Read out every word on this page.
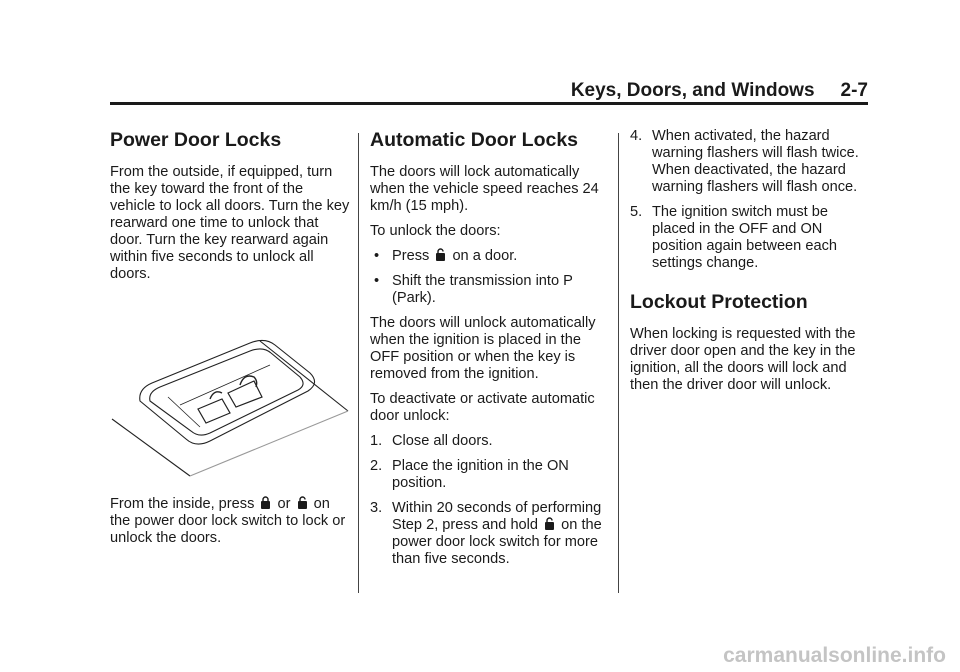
Keys, Doors, and Windows 2-7
Power Door Locks

From the outside, if equipped, turn the key toward the front of the vehicle to lock all doors. Turn the key rearward one time to unlock that door. Turn the key rearward again within five seconds to unlock all doors.

From the inside, press or on the power door lock switch to lock or unlock the doors.

Automatic Door Locks

The doors will lock automatically when the vehicle speed reaches 24 km/h (15 mph).

To unlock the doors:

• Press on a door.
• Shift the transmission into P (Park).

The doors will unlock automatically when the ignition is placed in the OFF position or when the key is removed from the ignition.

To deactivate or activate automatic door unlock:

1. Close all doors.
2. Place the ignition in the ON position.
3. Within 20 seconds of performing Step 2, press and hold on the power door lock switch for more than five seconds.
4. When activated, the hazard warning flashers will flash twice. When deactivated, the hazard warning flashers will flash once.
5. The ignition switch must be placed in the OFF and ON position again between each settings change.
Lockout Protection

When locking is requested with the driver door open and the key in the ignition, all the doors will lock and then the driver door will unlock.

carmanualsonline.info
